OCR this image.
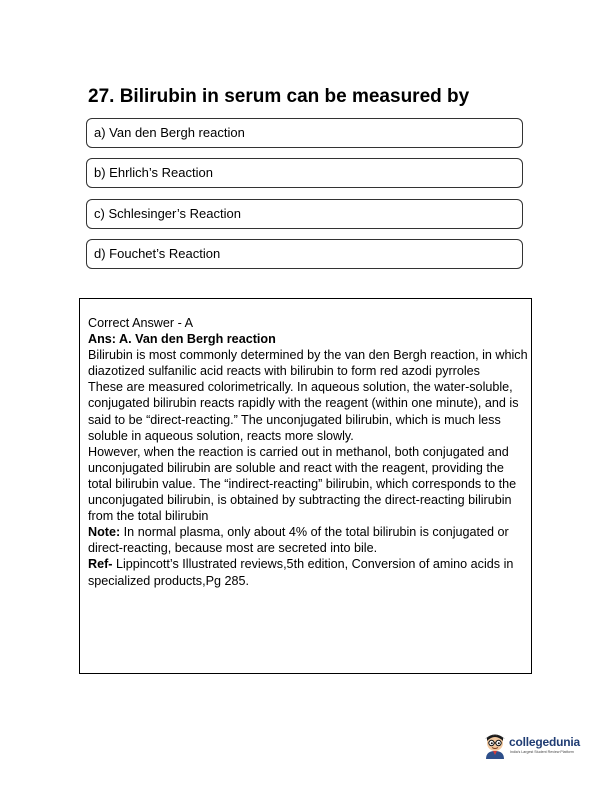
27. Bilirubin in serum can be measured by
a) Van den Bergh reaction
b) Ehrlich’s Reaction
c) Schlesinger’s Reaction
d) Fouchet’s Reaction

Correct Answer - A

Ans: A. Van den Bergh reaction

Bilirubin is most commonly determined by the van den Bergh reaction, in which diazotized sulfanilic acid reacts with bilirubin to form red azodi pyrroles

These are measured colorimetrically. In aqueous solution, the water-soluble, conjugated bilirubin reacts rapidly with the reagent (within one minute), and is said to be “direct-reacting.” The unconjugated bilirubin, which is much less soluble in aqueous solution, reacts more slowly.

However, when the reaction is carried out in methanol, both conjugated and unconjugated bilirubin are soluble and react with the reagent, providing the total bilirubin value. The “indirect-reacting” bilirubin, which corresponds to the unconjugated bilirubin, is obtained by subtracting the direct-reacting bilirubin from the total bilirubin

Note: In normal plasma, only about 4% of the total bilirubin is conjugated or direct-reacting, because most are secreted into bile.

Ref- Lippincott’s Illustrated reviews,5th edition, Conversion of amino acids in specialized products,Pg 285.

collegedunia
India's Largest Student Review Platform
